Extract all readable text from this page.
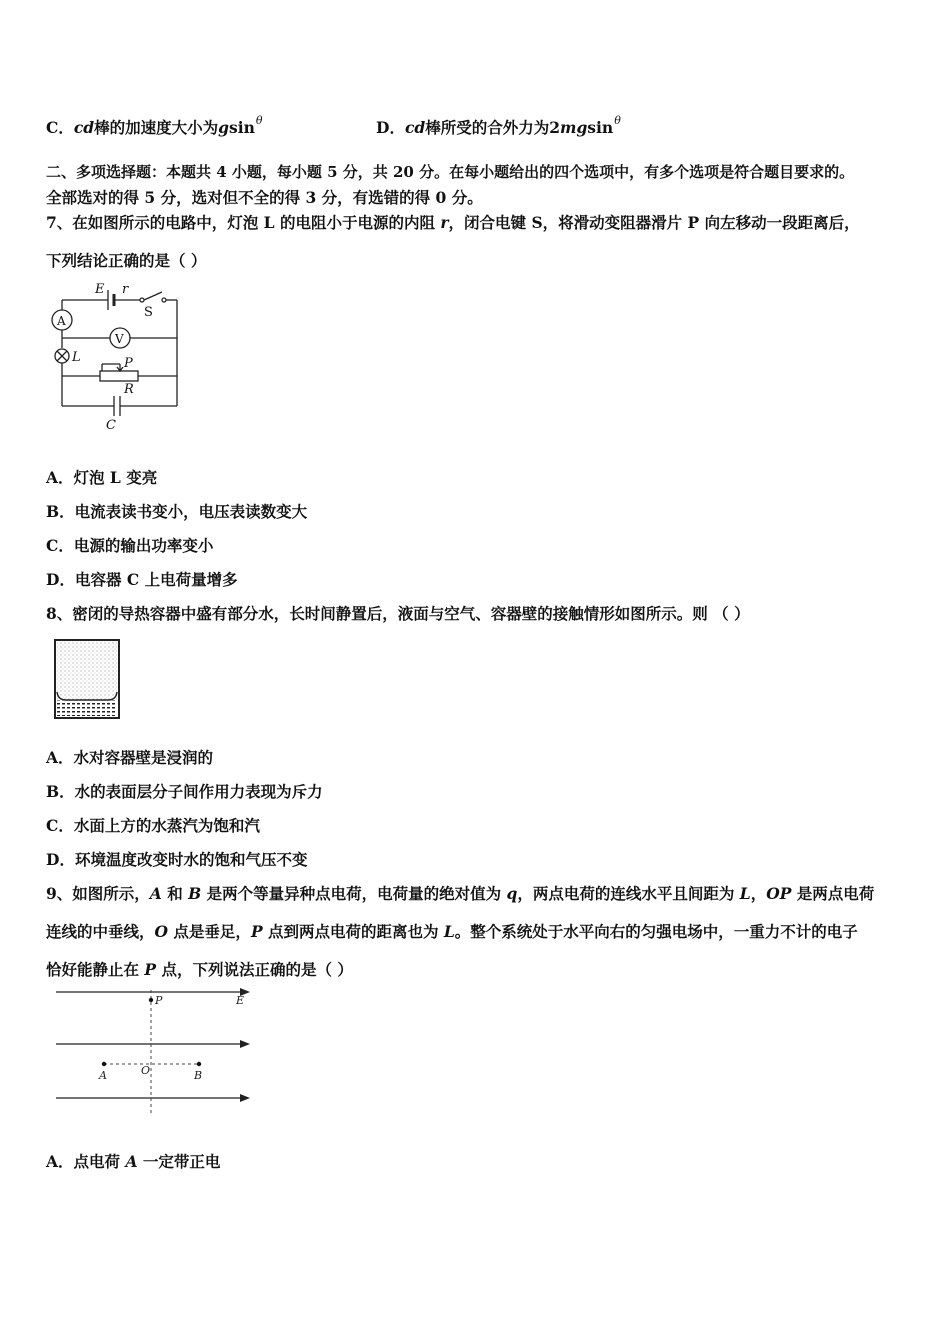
C．cd棒的加速度大小为gsin$^\theta$	D．cd棒所受的合外力为2mgsin$^\theta$
二、多项选择题：本题共 4 小题，每小题 5 分，共 20 分。在每小题给出的四个选项中，有多个选项是符合题目要求的。
全部选对的得 5 分，选对但不全的得 3 分，有选错的得 0 分。
7、在如图所示的电路中，灯泡 L 的电阻小于电源的内阻 r，闭合电键 S，将滑动变阻器滑片 P 向左移动一段距离后，
下列结论正确的是（ ）
E r
S
A
V
L	P
R
C
A．灯泡 L 变亮
B．电流表读书变小，电压表读数变大
C．电源的输出功率变小
D．电容器 C 上电荷量增多
8、密闭的导热容器中盛有部分水，长时间静置后，液面与空气、容器壁的接触情形如图所示。则 （ ）
A．水对容器壁是浸润的
B．水的表面层分子间作用力表现为斥力
C．水面上方的水蒸汽为饱和汽
D．环境温度改变时水的饱和气压不变
9、如图所示，A 和 B 是两个等量异种点电荷，电荷量的绝对值为 q，两点电荷的连线水平且间距为 L，OP 是两点电荷
连线的中垂线，O 点是垂足，P 点到两点电荷的距离也为 L。整个系统处于水平向右的匀强电场中，一重力不计的电子
恰好能静止在 P 点，下列说法正确的是（ ）
P	E
A	O	B
A．点电荷 A 一定带正电
